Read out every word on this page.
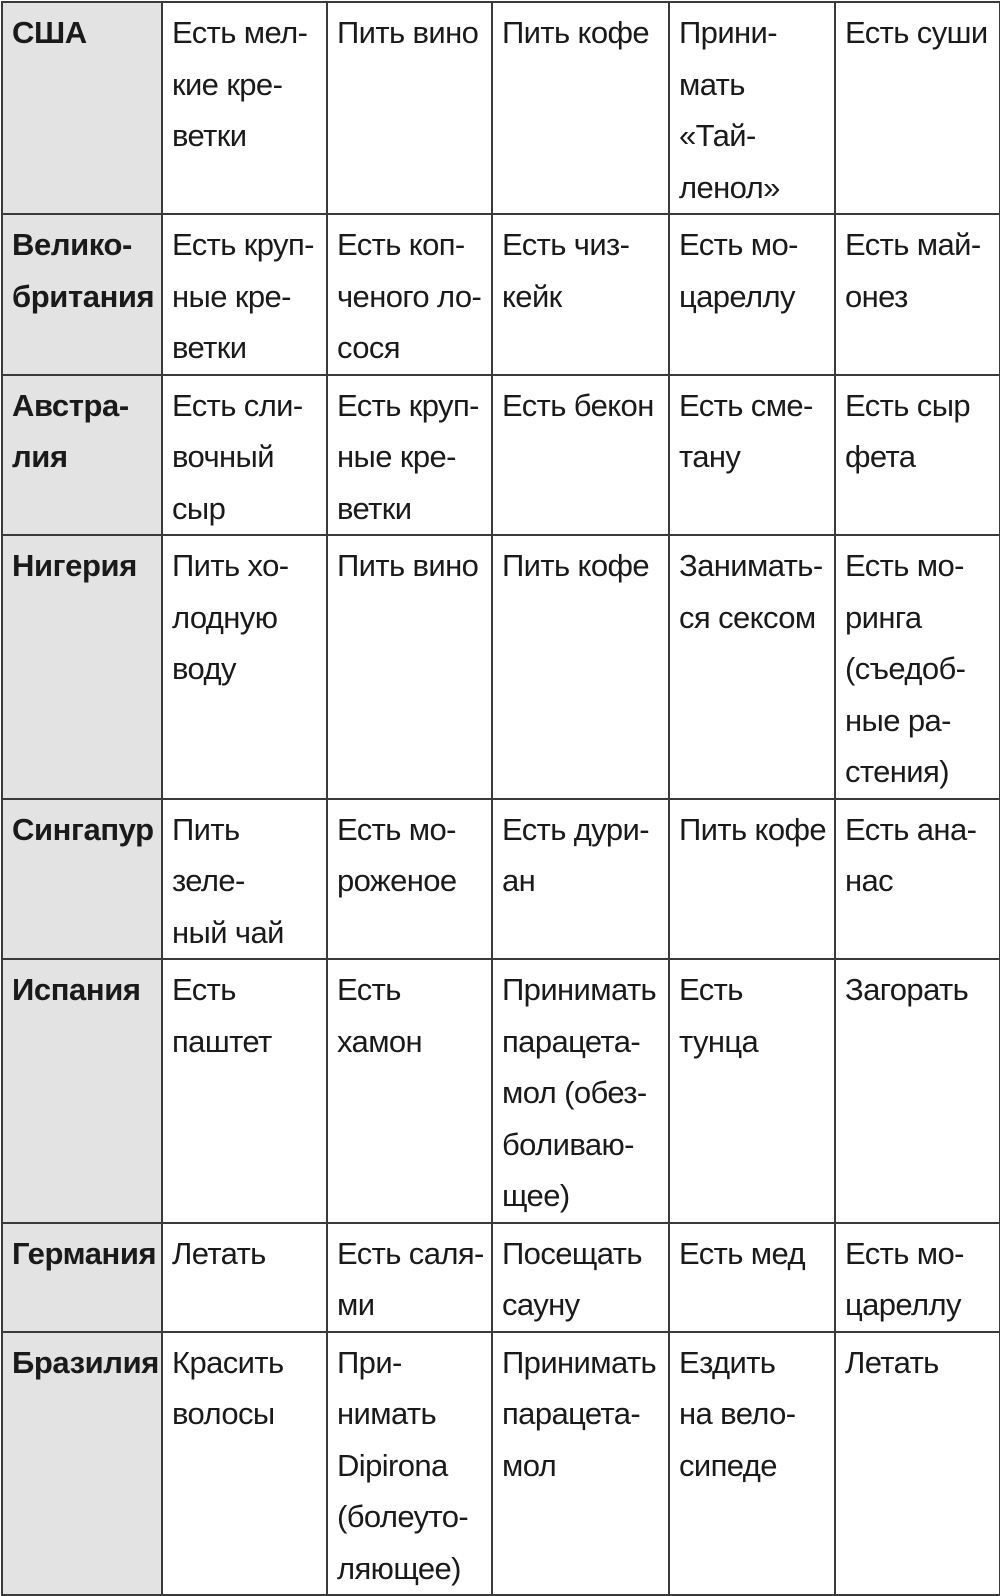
США	Есть мел-
кие кре-
ветки	Пить вино	Пить кофе	Прини-
мать «Тай-
ленол»	Есть суши

Велико-
британия	Есть круп-
ные кре-
ветки	Есть коп-
ченого ло-
сося	Есть чиз-
кейк	Есть мо-
цареллу	Есть май-
онез

Австра-
лия	Есть сли-
вочный
сыр	Есть круп-
ные кре-
ветки	Есть бекон	Есть сме-
тану	Есть сыр
фета

Нигерия	Пить хо-
лодную
воду	Пить вино	Пить кофе	Занимать-
ся сексом	Есть мо-
ринга
(съедоб-
ные ра-
стения)

Сингапур	Пить зеле-
ный чай	Есть мо-
роженое	Есть дури-
ан	Пить кофе	Есть ана-
нас

Испания	Есть
паштет	Есть
хамон	Принимать
парацета-
мол (обез-
боливаю-
щее)	Есть тунца	Загорать

Германия	Летать	Есть саля-
ми	Посещать
сауну	Есть мед	Есть мо-
цареллу

Бразилия	Красить
волосы	При-
нимать
Dipirona
(болеуто-
ляющее)	Принимать
парацета-
мол	Ездить
на вело-
сипеде	Летать
